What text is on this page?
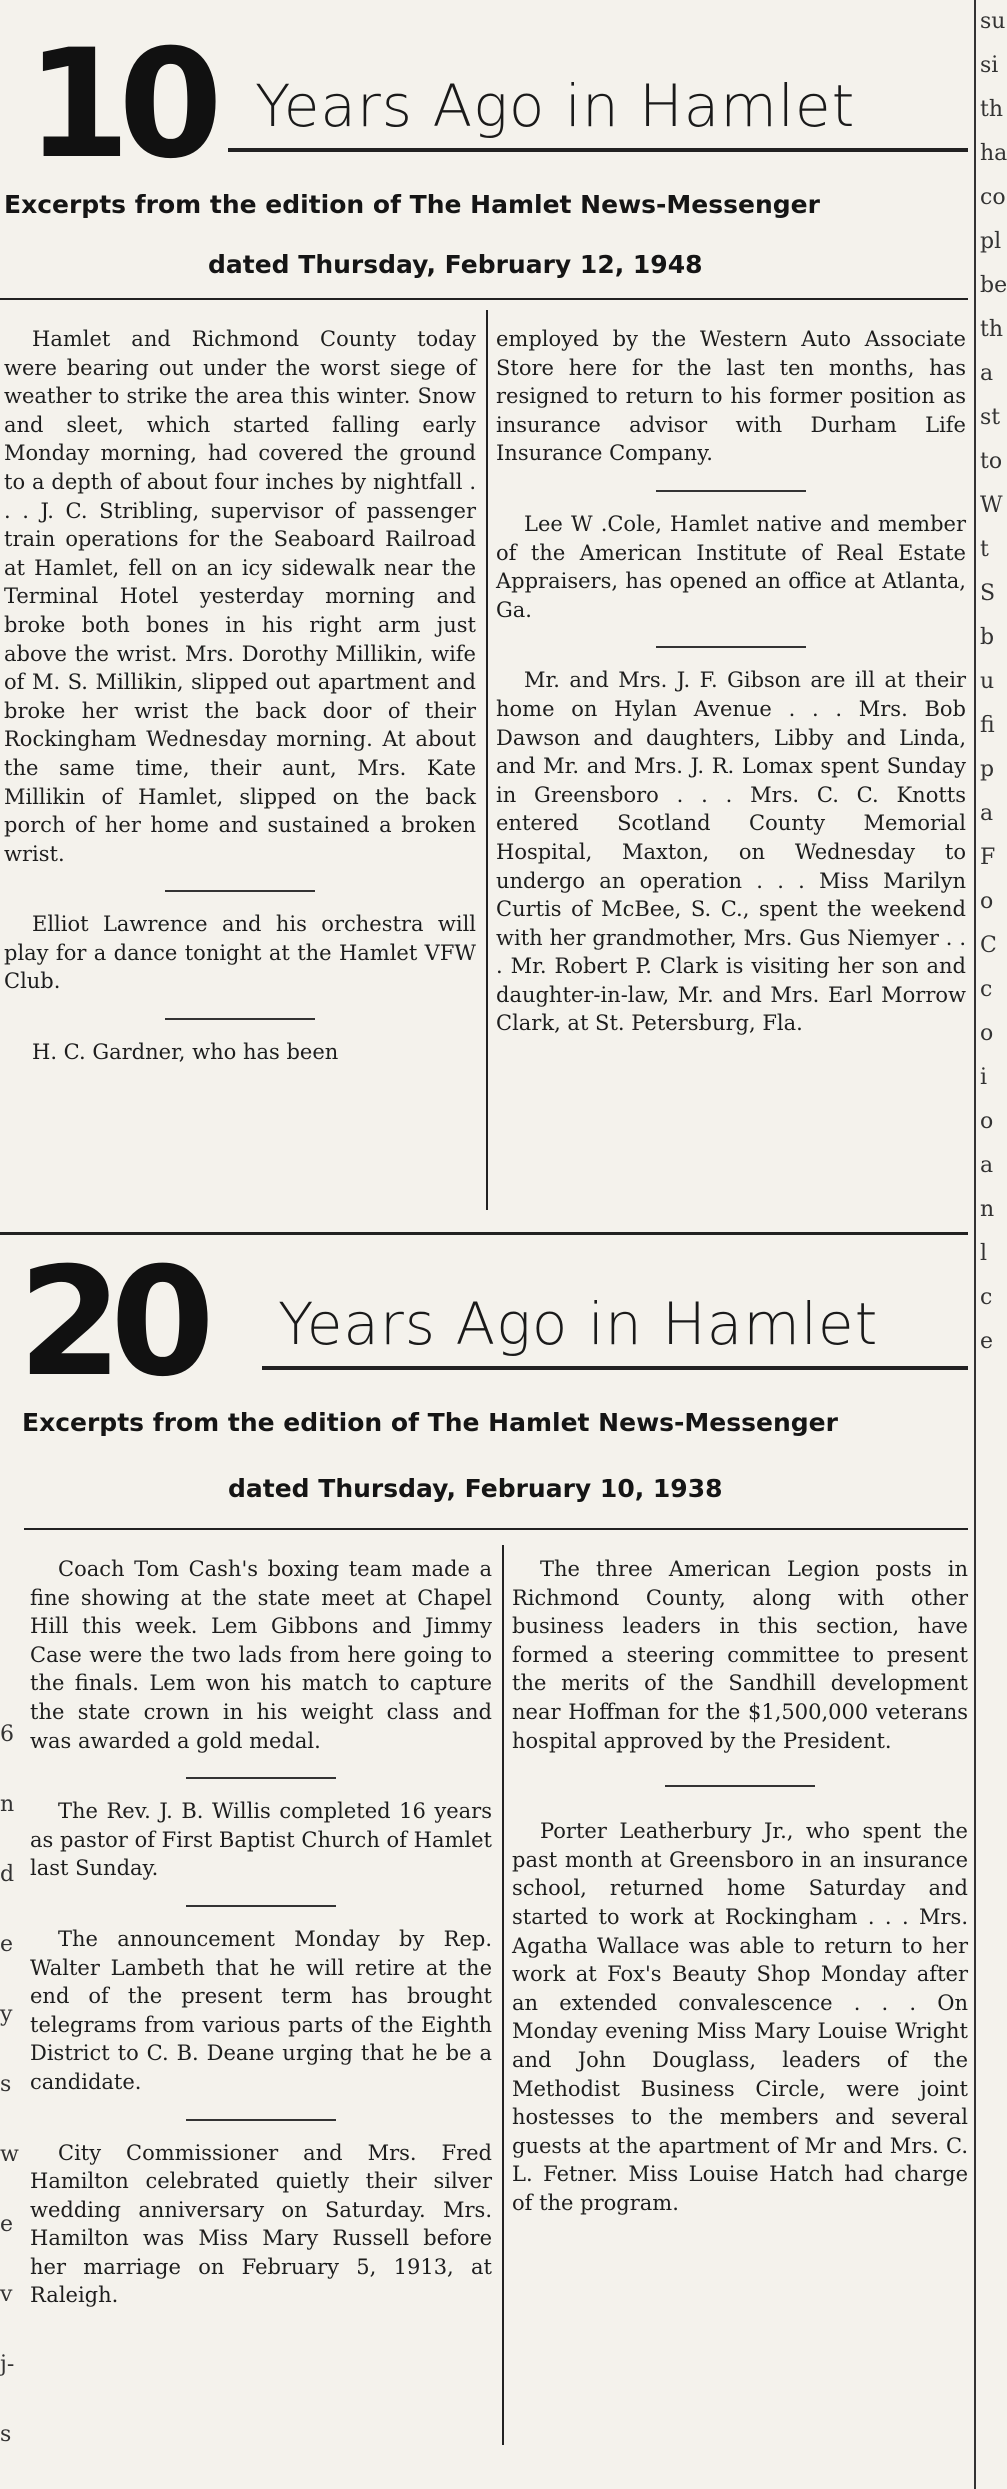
su
si
th
ha
co
pl
be
th
a
st
to
W
t
S
b
u
fi
p
a
F
o
C
c
o
i
o
a
n
l
c
e
6
n
d
e
y
s
w
e
v
j-
s
10 Years Ago in Hamlet
Excerpts from the edition of The Hamlet News-Messenger
dated Thursday, February 12, 1948

Hamlet and Richmond County today were bearing out under the worst siege of weather to strike the area this winter. Snow and sleet, which started falling early Monday morning, had covered the ground to a depth of about four inches by nightfall . . . J. C. Stribling, supervisor of passenger train operations for the Seaboard Railroad at Hamlet, fell on an icy sidewalk near the Terminal Hotel yesterday morning and broke both bones in his right arm just above the wrist. Mrs. Dorothy Millikin, wife of M. S. Millikin, slipped out apartment and broke her wrist the back door of their Rockingham Wednesday morning. At about the same time, their aunt, Mrs. Kate Millikin of Hamlet, slipped on the back porch of her home and sustained a broken wrist.

Elliot Lawrence and his orchestra will play for a dance tonight at the Hamlet VFW Club.

H. C. Gardner, who has been

employed by the Western Auto Associate Store here for the last ten months, has resigned to return to his former position as insurance advisor with Durham Life Insurance Company.

Lee W .Cole, Hamlet native and member of the American Institute of Real Estate Appraisers, has opened an office at Atlanta, Ga.

Mr. and Mrs. J. F. Gibson are ill at their home on Hylan Avenue . . . Mrs. Bob Dawson and daughters, Libby and Linda, and Mr. and Mrs. J. R. Lomax spent Sunday in Greensboro . . . Mrs. C. C. Knotts entered Scotland County Memorial Hospital, Maxton, on Wednesday to undergo an operation . . . Miss Marilyn Curtis of McBee, S. C., spent the weekend with her grandmother, Mrs. Gus Niemyer . . . Mr. Robert P. Clark is visiting her son and daughter-in-law, Mr. and Mrs. Earl Morrow Clark, at St. Petersburg, Fla.

20 Years Ago in Hamlet
Excerpts from the edition of The Hamlet News-Messenger
dated Thursday, February 10, 1938

Coach Tom Cash's boxing team made a fine showing at the state meet at Chapel Hill this week. Lem Gibbons and Jimmy Case were the two lads from here going to the finals. Lem won his match to capture the state crown in his weight class and was awarded a gold medal.

The Rev. J. B. Willis completed 16 years as pastor of First Baptist Church of Hamlet last Sunday.

The announcement Monday by Rep. Walter Lambeth that he will retire at the end of the present term has brought telegrams from various parts of the Eighth District to C. B. Deane urging that he be a candidate.

City Commissioner and Mrs. Fred Hamilton celebrated quietly their silver wedding anniversary on Saturday. Mrs. Hamilton was Miss Mary Russell before her marriage on February 5, 1913, at Raleigh.

The three American Legion posts in Richmond County, along with other business leaders in this section, have formed a steering committee to present the merits of the Sandhill development near Hoffman for the $1,500,000 veterans hospital approved by the President.

Porter Leatherbury Jr., who spent the past month at Greensboro in an insurance school, returned home Saturday and started to work at Rockingham . . . Mrs. Agatha Wallace was able to return to her work at Fox's Beauty Shop Monday after an extended convalescence . . . On Monday evening Miss Mary Louise Wright and John Douglass, leaders of the Methodist Business Circle, were joint hostesses to the members and several guests at the apartment of Mr and Mrs. C. L. Fetner. Miss Louise Hatch had charge of the program.
